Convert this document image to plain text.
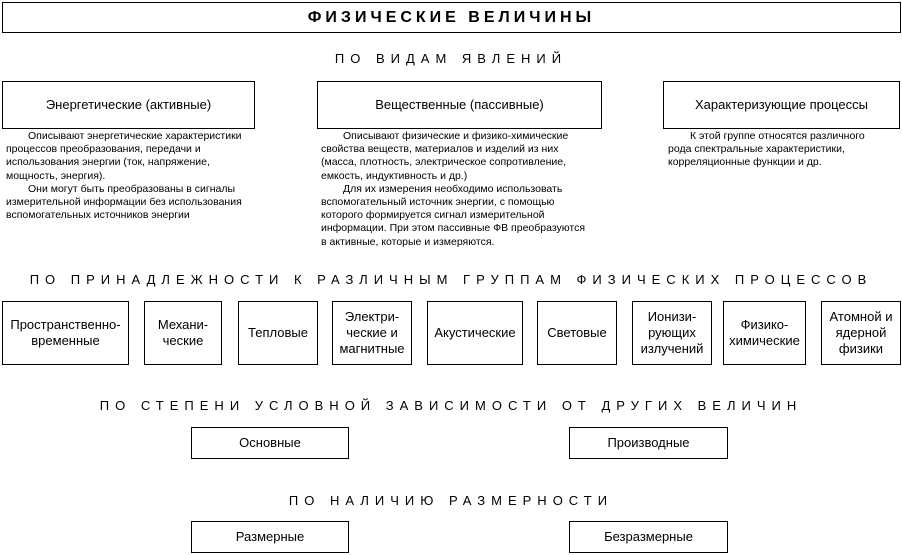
ФИЗИЧЕСКИЕ ВЕЛИЧИНЫ
ПО ВИДАМ ЯВЛЕНИЙ
Энергетические (активные)	Вещественные (пассивные)	Характеризующие процессы

Описывают энергетические характеристики процессов преобразования, передачи и использования энергии (ток, напряжение, мощность, энергия).

Они могут быть преобразованы в сигналы измерительной информации без использования вспомогательных источников энергии

Описывают физические и физико-химические свойства веществ, материалов и изделий из них (масса, плотность, электрическое сопротивление, емкость, индуктивность и др.)

Для их измерения необходимо использовать вспомогательный источник энергии, с помощью которого формируется сигнал измерительной информации. При этом пассивные ФВ преобразуются в активные, которые и измеряются.

К этой группе относятся различного рода спектральные характеристики, корреляционные функции и др.

ПО ПРИНАДЛЕЖНОСТИ К РАЗЛИЧНЫМ ГРУППАМ ФИЗИЧЕСКИХ ПРОЦЕССОВ
Пространственно-временные
Механи-ческие
Тепловые
Электри-ческие и магнитные
Акустические	Световые
Ионизи-рующих излучений
Физико-химические
Атомной и ядерной физики
ПО СТЕПЕНИ УСЛОВНОЙ ЗАВИСИМОСТИ ОТ ДРУГИХ ВЕЛИЧИН
Основные	Производные
ПО НАЛИЧИЮ РАЗМЕРНОСТИ
Размерные	Безразмерные
